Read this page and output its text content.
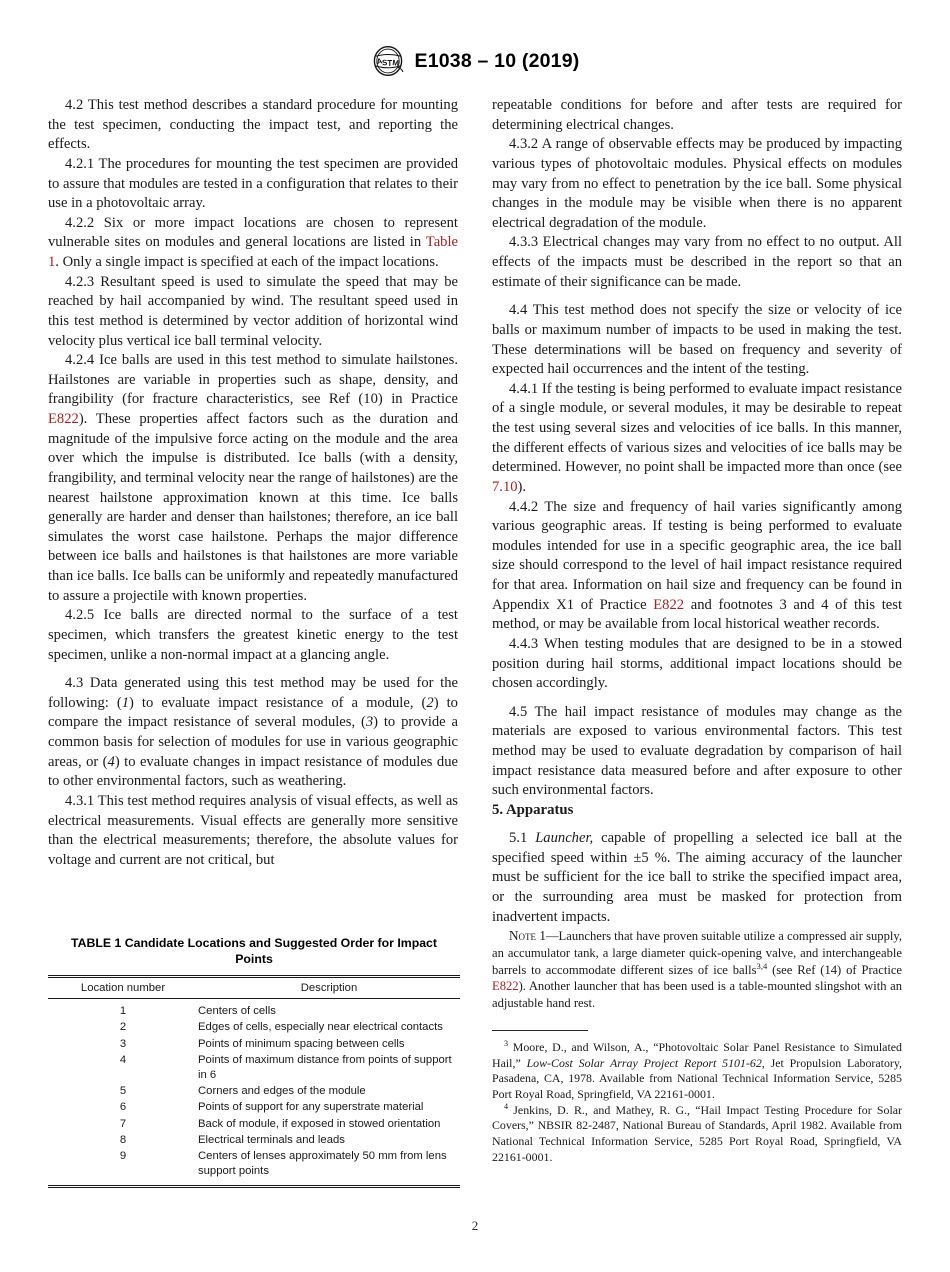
A
S T M E1038 – 10 (2019)

4.2 This test method describes a standard procedure for mounting the test specimen, conducting the impact test, and reporting the effects.

4.2.1 The procedures for mounting the test specimen are provided to assure that modules are tested in a configuration that relates to their use in a photovoltaic array.

4.2.2 Six or more impact locations are chosen to represent vulnerable sites on modules and general locations are listed in Table 1. Only a single impact is specified at each of the impact locations.

4.2.3 Resultant speed is used to simulate the speed that may be reached by hail accompanied by wind. The resultant speed used in this test method is determined by vector addition of horizontal wind velocity plus vertical ice ball terminal velocity.

4.2.4 Ice balls are used in this test method to simulate hailstones. Hailstones are variable in properties such as shape, density, and frangibility (for fracture characteristics, see Ref (10) in Practice E822). These properties affect factors such as the duration and magnitude of the impulsive force acting on the module and the area over which the impulse is distributed. Ice balls (with a density, frangibility, and terminal velocity near the range of hailstones) are the nearest hailstone approximation known at this time. Ice balls generally are harder and denser than hailstones; therefore, an ice ball simulates the worst case hailstone. Perhaps the major difference between ice balls and hailstones is that hailstones are more variable than ice balls. Ice balls can be uniformly and repeatedly manufactured to assure a projectile with known properties.

4.2.5 Ice balls are directed normal to the surface of a test specimen, which transfers the greatest kinetic energy to the test specimen, unlike a non-normal impact at a glancing angle.

4.3 Data generated using this test method may be used for the following: (1) to evaluate impact resistance of a module, (2) to compare the impact resistance of several modules, (3) to provide a common basis for selection of modules for use in various geographic areas, or (4) to evaluate changes in impact resistance of modules due to other environmental factors, such as weathering.

4.3.1 This test method requires analysis of visual effects, as well as electrical measurements. Visual effects are generally more sensitive than the electrical measurements; therefore, the absolute values for voltage and current are not critical, but

repeatable conditions for before and after tests are required for determining electrical changes.

4.3.2 A range of observable effects may be produced by impacting various types of photovoltaic modules. Physical effects on modules may vary from no effect to penetration by the ice ball. Some physical changes in the module may be visible when there is no apparent electrical degradation of the module.

4.3.3 Electrical changes may vary from no effect to no output. All effects of the impacts must be described in the report so that an estimate of their significance can be made.

4.4 This test method does not specify the size or velocity of ice balls or maximum number of impacts to be used in making the test. These determinations will be based on frequency and severity of expected hail occurrences and the intent of the testing.

4.4.1 If the testing is being performed to evaluate impact resistance of a single module, or several modules, it may be desirable to repeat the test using several sizes and velocities of ice balls. In this manner, the different effects of various sizes and velocities of ice balls may be determined. However, no point shall be impacted more than once (see 7.10).

4.4.2 The size and frequency of hail varies significantly among various geographic areas. If testing is being performed to evaluate modules intended for use in a specific geographic area, the ice ball size should correspond to the level of hail impact resistance required for that area. Information on hail size and frequency can be found in Appendix X1 of Practice E822 and footnotes 3 and 4 of this test method, or may be available from local historical weather records.

4.4.3 When testing modules that are designed to be in a stowed position during hail storms, additional impact locations should be chosen accordingly.

4.5 The hail impact resistance of modules may change as the materials are exposed to various environmental factors. This test method may be used to evaluate degradation by comparison of hail impact resistance data measured before and after exposure to other such environmental factors.

5. Apparatus

5.1 Launcher, capable of propelling a selected ice ball at the specified speed within ±5 %. The aiming accuracy of the launcher must be sufficient for the ice ball to strike the specified impact area, or the surrounding area must be masked for protection from inadvertent impacts.

Note 1—Launchers that have proven suitable utilize a compressed air supply, an accumulator tank, a large diameter quick-opening valve, and interchangeable barrels to accommodate different sizes of ice balls$^{3,4}$ (see Ref (14) of Practice E822). Another launcher that has been used is a table-mounted slingshot with an adjustable hand rest.

$^3$ Moore, D., and Wilson, A., “Photovoltaic Solar Panel Resistance to Simulated Hail,” Low-Cost Solar Array Project Report 5101-62, Jet Propulsion Laboratory, Pasadena, CA, 1978. Available from National Technical Information Service, 5285 Port Royal Road, Springfield, VA 22161-0001.

$^4$ Jenkins, D. R., and Mathey, R. G., “Hail Impact Testing Procedure for Solar Covers,” NBSIR 82-2487, National Bureau of Standards, April 1982. Available from National Technical Information Service, 5285 Port Royal Road, Springfield, VA 22161-0001.

TABLE 1 Candidate Locations and Suggested Order for Impact Points
Location number	Description
1	Centers of cells
2	Edges of cells, especially near electrical contacts
3	Points of minimum spacing between cells
4	Points of maximum distance from points of support in 6
5	Corners and edges of the module
6	Points of support for any superstrate material
7	Back of module, if exposed in stowed orientation
8	Electrical terminals and leads
9	Centers of lenses approximately 50 mm from lens support points
2
